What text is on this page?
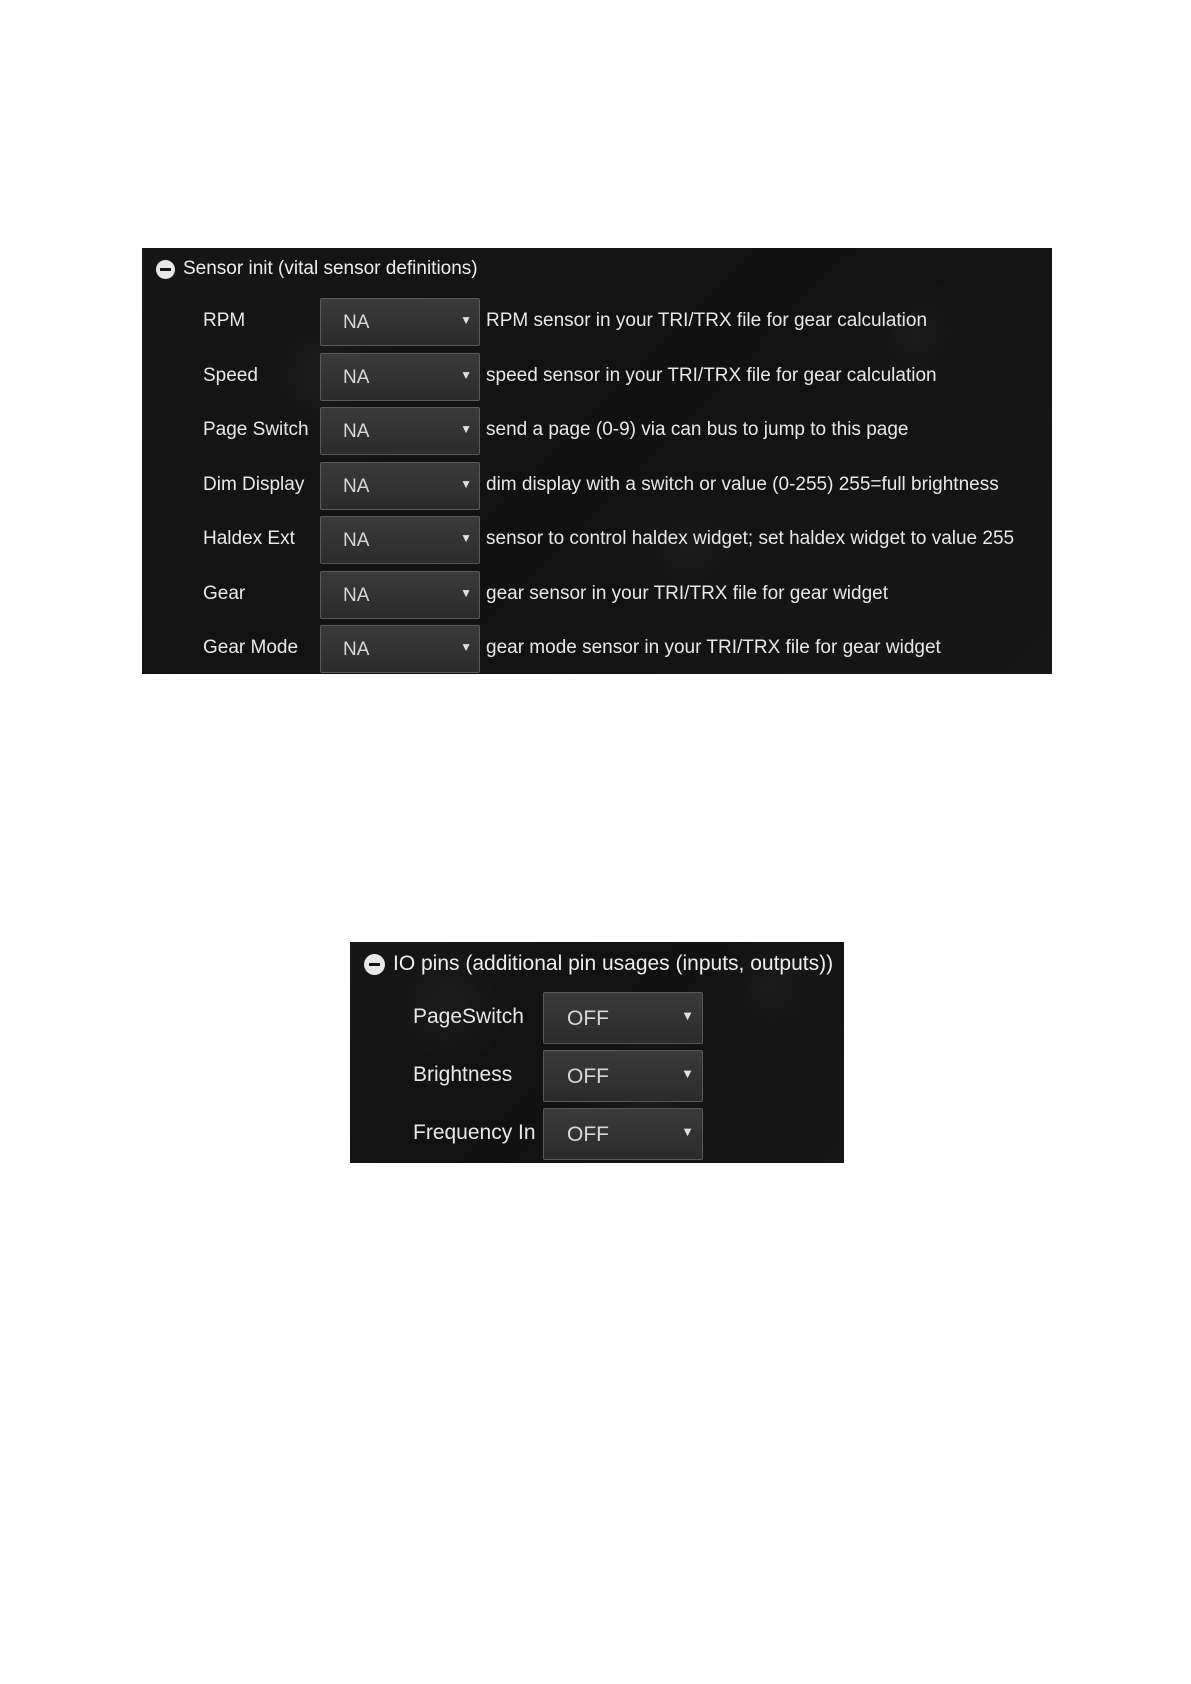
Sensor init (vital sensor definitions)
RPM	NA	▼ RPM sensor in your TRI/TRX file for gear calculation
Speed	NA	▼ speed sensor in your TRI/TRX file for gear calculation
Page Switch NA	▼ send a page (0-9) via can bus to jump to this page
Dim Display NA	▼ dim display with a switch or value (0-255) 255=full brightness
Haldex Ext	NA	▼ sensor to control haldex widget; set haldex widget to value 255
Gear	NA	▼ gear sensor in your TRI/TRX file for gear widget
Gear Mode NA	▼ gear mode sensor in your TRI/TRX file for gear widget
IO pins (additional pin usages (inputs, outputs))
PageSwitch OFF	▼
Brightness	OFF	▼
Frequency In OFF	▼
